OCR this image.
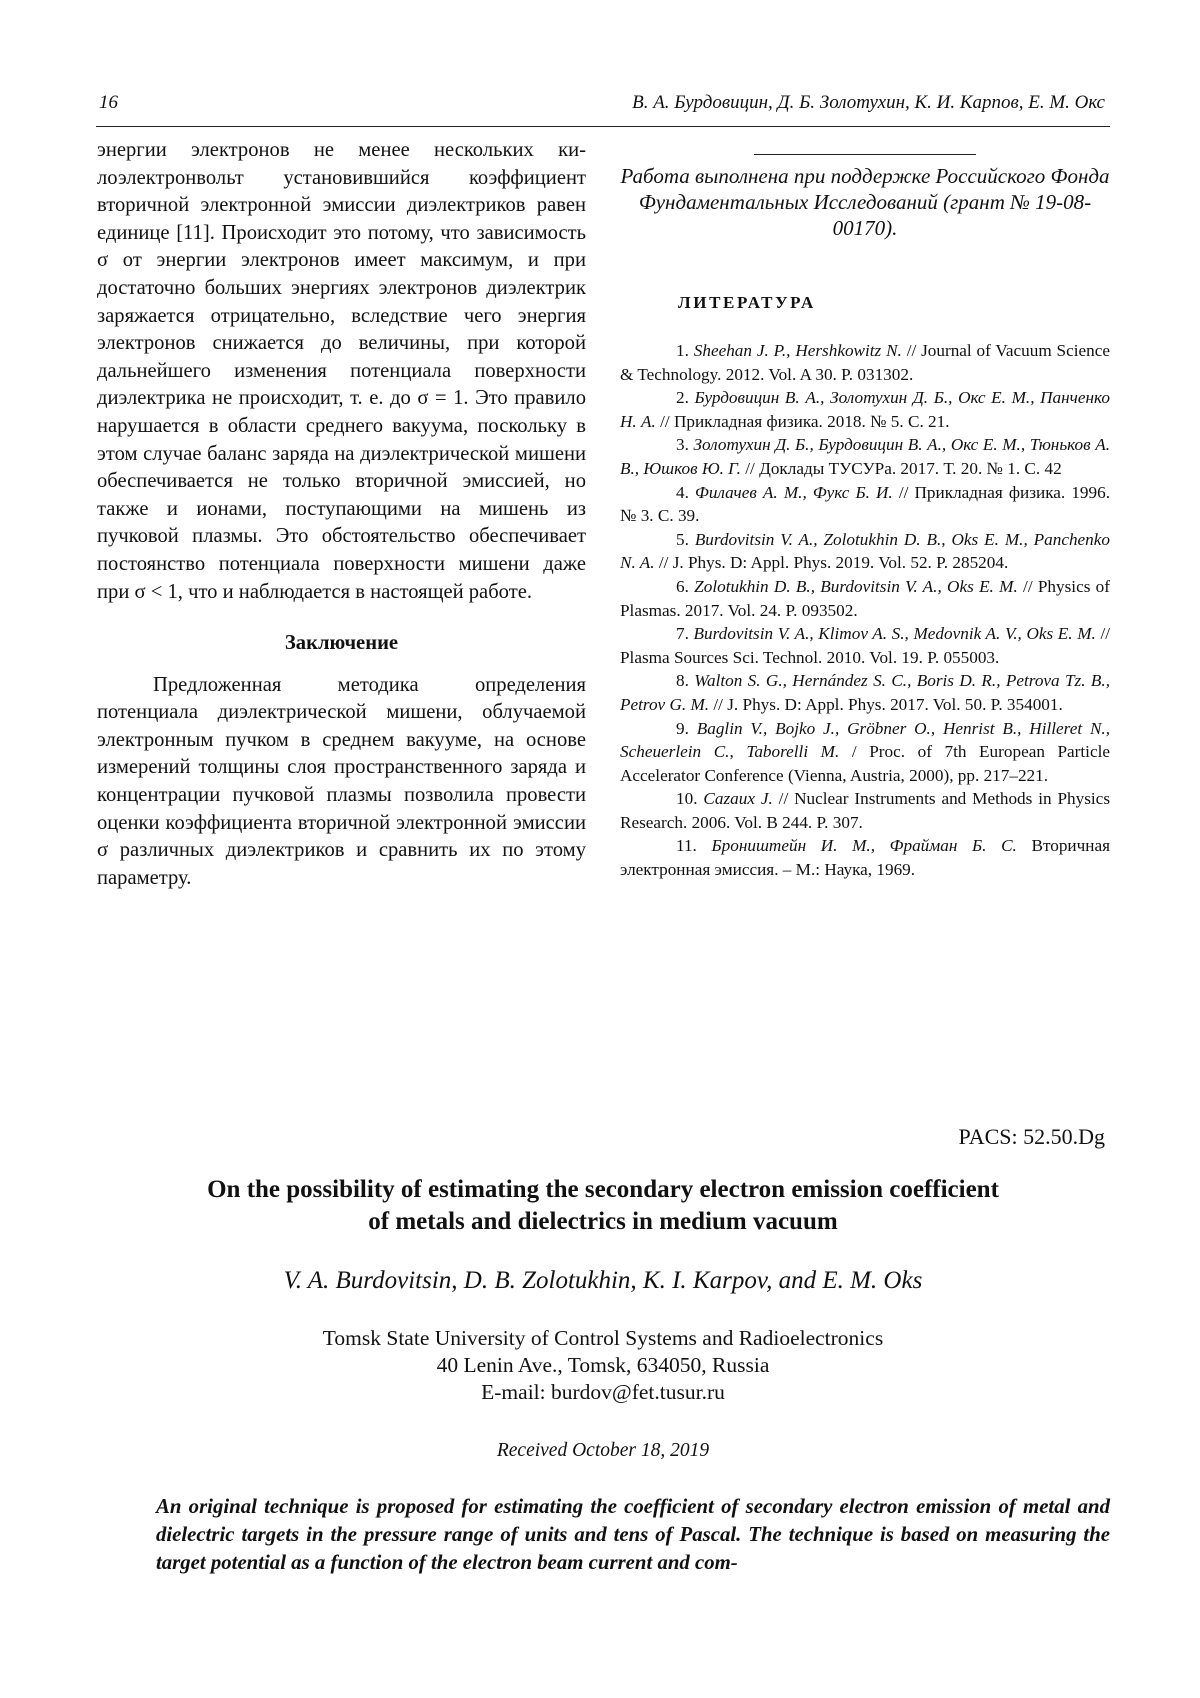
16	В. А. Бурдовицин, Д. Б. Золотухин, К. И. Карпов, Е. М. Окс

энергии электронов не менее нескольких ки­лоэлектронвольт установившийся коэффици­ент вторичной электронной эмиссии диэлек­триков равен единице [11]. Происходит это потому, что зависимость σ от энергии элек­тронов имеет максимум, и при достаточно больших энергиях электронов диэлектрик за­ряжается отрицательно, вследствие чего энер­гия электронов снижается до величины, при которой дальнейшего изменения потенциала поверхности диэлектрика не происходит, т. е. до σ = 1. Это правило нарушается в области среднего вакуума, поскольку в этом случае баланс заряда на диэлектрической мишени обеспечивается не только вторичной эмисси­ей, но также и ионами, поступающими на ми­шень из пучковой плазмы. Это обстоятельство обеспечивает постоянство потенциала по­верхности мишени даже при σ < 1, что и наблюдается в настоящей работе.

Заключение

Предложенная методика определения потенциала диэлектрической мишени, облуча­емой электронным пучком в среднем вакууме, на основе измерений толщины слоя простран­ственного заряда и концентрации пучковой плазмы позволила провести оценки коэффи­циента вторичной электронной эмиссии σ различных диэлектриков и сравнить их по этому параметру.

Работа выполнена при поддержке Российского Фонда Фундаментальных Исследований (грант № 19-08-00170).
ЛИТЕРАТУРА
1. Sheehan J. P., Hershkowitz N. // Journal of Va­cuum Science & Technology. 2012. Vol. A 30. P. 031302.
2. Бурдовицин В. А., Золотухин Д. Б., Окс Е. М., Панченко Н. А. // Прикладная физика. 2018. № 5. С. 21.
3. Золотухин Д. Б., Бурдовицин В. А., Окс Е. М., Тюньков А. В., Юшков Ю. Г. // Доклады ТУСУРа. 2017. Т. 20. № 1. С. 42
4. Филачев А. М., Фукс Б. И. // Прикладная фи­зика. 1996. № 3. С. 39.
5. Burdovitsin V. A., Zolotukhin D. B., Oks E. M., Panchenko N. A. // J. Phys. D: Appl. Phys. 2019. Vol. 52. P. 285204.
6. Zolotukhin D. B., Burdovitsin V. A., Oks E. M. // Physics of Plasmas. 2017. Vol. 24. P. 093502.
7. Burdovitsin V. A., Klimov A. S., Medovnik A. V., Oks E. M. // Plasma Sources Sci. Technol. 2010. Vol. 19. P. 055003.
8. Walton S. G., Hernández S. C., Boris D. R., Pe­trova Tz. B., Petrov G. M. // J. Phys. D: Appl. Phys. 2017. Vol. 50. P. 354001.
9. Baglin V., Bojko J., Gröbner O., Henrist B., Hilleret N., Scheuerlein C., Taborelli M. / Proc. of 7th Eu­ropean Particle Accelerator Conference (Vienna, Austria, 2000), pp. 217–221.
10. Cazaux J. // Nuclear Instruments and Methods in Physics Research. 2006. Vol. B 244. P. 307.
11. Броништейн И. М., Фрайман Б. С. Вторичная электронная эмиссия. – М.: Наука, 1969.
PACS: 52.50.Dg
On the possibility of estimating the secondary electron emission coefficient
of metals and dielectrics in medium vacuum
V. A. Burdovitsin, D. B. Zolotukhin, K. I. Karpov, and E. M. Oks
Tomsk State University of Control Systems and Radioelectronics
40 Lenin Ave., Tomsk, 634050, Russia
E-mail: burdov@fet.tusur.ru
Received October 18, 2019
An original technique is proposed for estimating the coefficient of secondary electron emission of metal and dielectric targets in the pressure range of units and tens of Pascal. The technique is based on measuring the target potential as a function of the electron beam current and com-
